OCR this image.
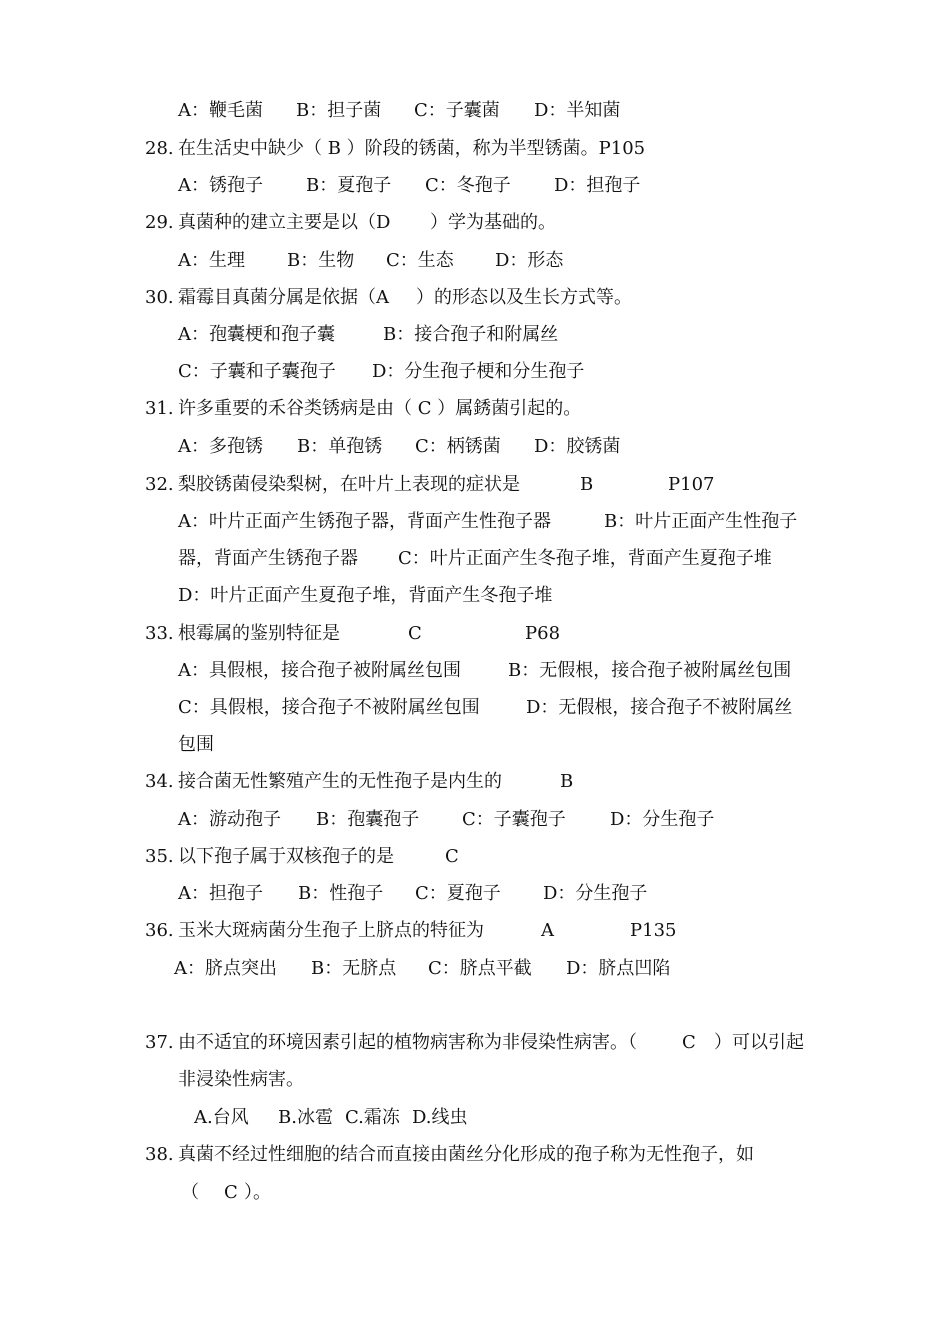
A：鞭毛菌 B：担子菌 C：子囊菌 D：半知菌
28. 在生活史中缺少（ B ）阶段的锈菌，称为半型锈菌。P105
A：锈孢子 B：夏孢子 C：冬孢子 D：担孢子
29. 真菌种的建立主要是以（D ）学为基础的。
A：生理 B：生物 C：生态 D：形态
30. 霜霉目真菌分属是依据（A ）的形态以及生长方式等。
A：孢囊梗和孢子囊	B：接合孢子和附属丝
C：子囊和子囊孢子 D：分生孢子梗和分生孢子
31. 许多重要的禾谷类锈病是由（ C ）属銹菌引起的。
A：多孢锈 B：单孢锈 C：柄锈菌 D：胶锈菌
32. 梨胶锈菌侵染梨树，在叶片上表现的症状是	B	P107
A：叶片正面产生锈孢子器，背面产生性孢子器	B：叶片正面产生性孢子
器，背面产生锈孢子器 C：叶片正面产生冬孢子堆，背面产生夏孢子堆
D：叶片正面产生夏孢子堆，背面产生冬孢子堆
33. 根霉属的鉴别特征是	C	P68
A：具假根，接合孢子被附属丝包围	B：无假根，接合孢子被附属丝包围
C：具假根，接合孢子不被附属丝包围	D：无假根，接合孢子不被附属丝
包围
34. 接合菌无性繁殖产生的无性孢子是内生的	B
A：游动孢子 B：孢囊孢子 C：子囊孢子 D：分生孢子
35. 以下孢子属于双核孢子的是	C
A：担孢子 B：性孢子 C：夏孢子 D：分生孢子
36. 玉米大斑病菌分生孢子上脐点的特征为	A	P135
A：脐点突出 B：无脐点 C：脐点平截 D：脐点凹陷
37. 由不适宜的环境因素引起的植物病害称为非侵染性病害。（	C ）可以引起
非浸染性病害。
A.台风 B.冰雹 C.霜冻 D.线虫
38. 真菌不经过性细胞的结合而直接由菌丝分化形成的孢子称为无性孢子，如
（ C ）。
